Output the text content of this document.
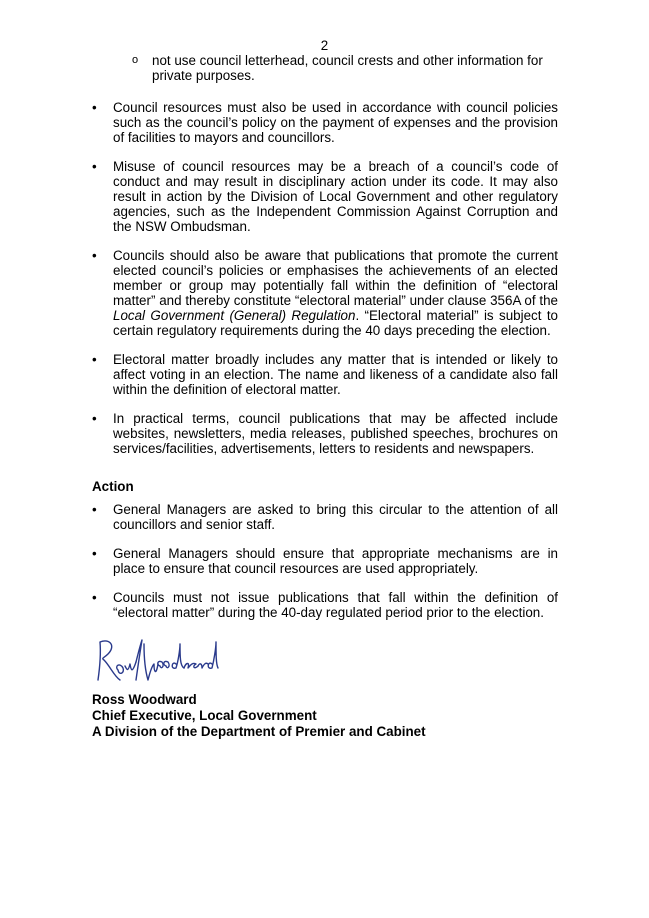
2
o not use council letterhead, council crests and other information for private purposes.
• Council resources must also be used in accordance with council policies such as the council’s policy on the payment of expenses and the provision of facilities to mayors and councillors.
• Misuse of council resources may be a breach of a council’s code of conduct and may result in disciplinary action under its code. It may also result in action by the Division of Local Government and other regulatory agencies, such as the Independent Commission Against Corruption and the NSW Ombudsman.
• Councils should also be aware that publications that promote the current elected council’s policies or emphasises the achievements of an elected member or group may potentially fall within the definition of “electoral matter” and thereby constitute “electoral material” under clause 356A of the Local Government (General) Regulation. “Electoral material” is subject to certain regulatory requirements during the 40 days preceding the election.
• Electoral matter broadly includes any matter that is intended or likely to affect voting in an election. The name and likeness of a candidate also fall within the definition of electoral matter.
• In practical terms, council publications that may be affected include websites, newsletters, media releases, published speeches, brochures on services/facilities, advertisements, letters to residents and newspapers.
Action
• General Managers are asked to bring this circular to the attention of all councillors and senior staff.
• General Managers should ensure that appropriate mechanisms are in place to ensure that council resources are used appropriately.
• Councils must not issue publications that fall within the definition of “electoral matter” during the 40-day regulated period prior to the election.
Ross Woodward
Chief Executive, Local Government
A Division of the Department of Premier and Cabinet
